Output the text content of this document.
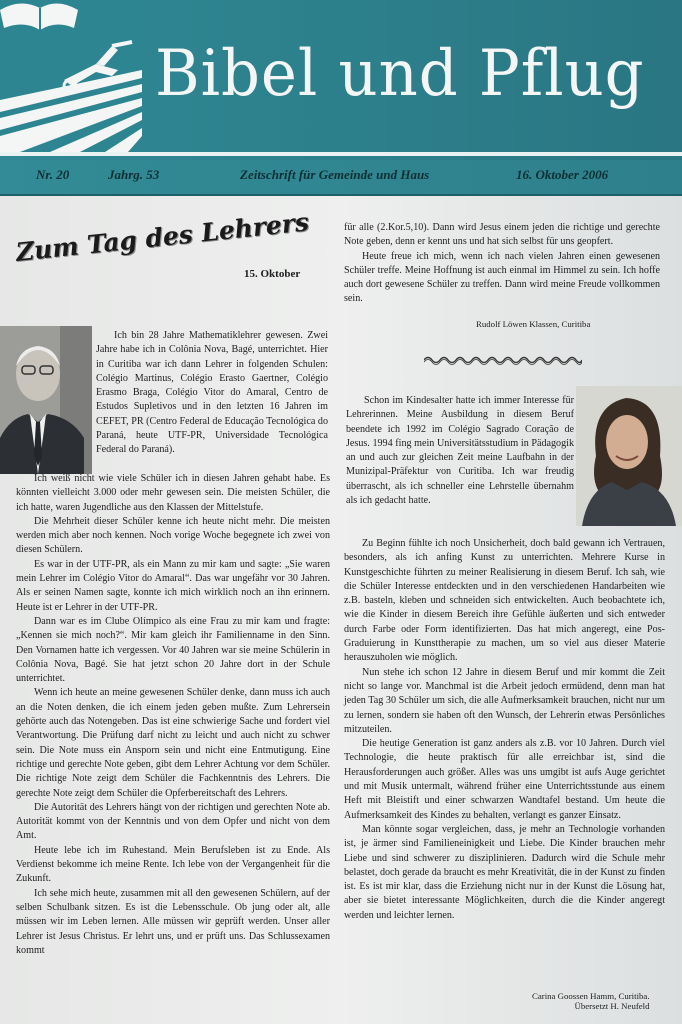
Bibel und Pflug
Nr. 20	Jahrg. 53	Zeitschrift für Gemeinde und Haus	16. Oktober 2006
Zum Tag des Lehrers
15. Oktober

Ich bin 28 Jahre Mathematiklehrer gewesen. Zwei Jahre habe ich in Colônia Nova, Bagé, unterrichtet. Hier in Curitiba war ich dann Lehrer in folgenden Schulen: Colégio Martinus, Colégio Erasto Gaertner, Colégio Erasmo Braga, Colégio Vitor do Amaral, Centro de Estudos Supletivos und in den letzten 16 Jahren im CEFET, PR (Centro Federal de Educação Tecnológica do Paraná, heute UTF-PR, Universidade Tecnológica Federal do Paraná).

Ich weiß nicht wie viele Schüler ich in diesen Jahren gehabt habe. Es könnten vielleicht 3.000 oder mehr gewesen sein. Die meisten Schüler, die ich hatte, waren Jugendliche aus den Klassen der Mittelstufe.

Die Mehrheit dieser Schüler kenne ich heute nicht mehr. Die meisten werden mich aber noch kennen. Noch vorige Woche begegnete ich zwei von diesen Schülern.

Es war in der UTF-PR, als ein Mann zu mir kam und sagte: „Sie waren mein Lehrer im Colégio Vitor do Amaral“. Das war ungefähr vor 30 Jahren. Als er seinen Namen sagte, konnte ich mich wirklich noch an ihn erinnern. Heute ist er Lehrer in der UTF-PR.

Dann war es im Clube Olímpico als eine Frau zu mir kam und fragte: „Kennen sie mich noch?“. Mir kam gleich ihr Familienname in den Sinn. Den Vornamen hatte ich vergessen. Vor 40 Jahren war sie meine Schülerin in Colônia Nova, Bagé. Sie hat jetzt schon 20 Jahre dort in der Schule unterrichtet.

Wenn ich heute an meine gewesenen Schüler denke, dann muss ich auch an die Noten denken, die ich einem jeden geben mußte. Zum Lehrersein gehörte auch das Notengeben. Das ist eine schwierige Sache und fordert viel Verantwortung. Die Prüfung darf nicht zu leicht und auch nicht zu schwer sein. Die Note muss ein Ansporn sein und nicht eine Entmutigung. Eine richtige und gerechte Note geben, gibt dem Lehrer Achtung vor dem Schüler. Die richtige Note zeigt dem Schüler die Fachkenntnis des Lehrers. Die gerechte Note zeigt dem Schüler die Opferbereitschaft des Lehrers.

Die Autorität des Lehrers hängt von der richtigen und gerechten Note ab. Autorität kommt von der Kenntnis und von dem Opfer und nicht von dem Amt.

Heute lebe ich im Ruhestand. Mein Berufsleben ist zu Ende. Als Verdienst bekomme ich meine Rente. Ich lebe von der Vergangenheit für die Zukunft.

Ich sehe mich heute, zusammen mit all den gewesenen Schülern, auf der selben Schulbank sitzen. Es ist die Lebensschule. Ob jung oder alt, alle müssen wir im Leben lernen. Alle müssen wir geprüft werden. Unser aller Lehrer ist Jesus Christus. Er lehrt uns, und er prüft uns. Das Schlussexamen kommt

für alle (2.Kor.5,10). Dann wird Jesus einem jeden die richtige und gerechte Note geben, denn er kennt uns und hat sich selbst für uns geopfert.

Heute freue ich mich, wenn ich nach vielen Jahren einen gewesenen Schüler treffe. Meine Hoffnung ist auch einmal im Himmel zu sein. Ich hoffe auch dort gewesene Schüler zu treffen. Dann wird meine Freude vollkommen sein.

Rudolf Löwen Klassen, Curitiba

Schon im Kindesalter hatte ich immer Interesse für Lehrerinnen. Meine Ausbildung in diesem Beruf beendete ich 1992 im Colégio Sagrado Coração de Jesus. 1994 fing mein Universitätsstudium in Pädagogik an und auch zur gleichen Zeit meine Laufbahn in der Munizipal-Präfektur von Curitiba. Ich war freudig überrascht, als ich schneller eine Lehrstelle übernahm als ich gedacht hatte.

Zu Beginn fühlte ich noch Unsicherheit, doch bald gewann ich Vertrauen, besonders, als ich anfing Kunst zu unterrichten. Mehrere Kurse in Kunstgeschichte führten zu meiner Realisierung in diesem Beruf. Ich sah, wie die Schüler Interesse entdeckten und in den verschiedenen Handarbeiten wie z.B. basteln, kleben und schneiden sich entwickelten. Auch beobachtete ich, wie die Kinder in diesem Bereich ihre Gefühle äußerten und sich entweder durch Farbe oder Form identifizierten. Das hat mich angeregt, eine Pos-Graduierung in Kunsttherapie zu machen, um so viel aus dieser Materie herauszuholen wie möglich.

Nun stehe ich schon 12 Jahre in diesem Beruf und mir kommt die Zeit nicht so lange vor. Manchmal ist die Arbeit jedoch ermüdend, denn man hat jeden Tag 30 Schüler um sich, die alle Aufmerksamkeit brauchen, nicht nur um zu lernen, sondern sie haben oft den Wunsch, der Lehrerin etwas Persönliches mitzuteilen.

Die heutige Generation ist ganz anders als z.B. vor 10 Jahren. Durch viel Technologie, die heute praktisch für alle erreichbar ist, sind die Herausforderungen auch größer. Alles was uns umgibt ist aufs Auge gerichtet und mit Musik untermalt, während früher eine Unterrichtsstunde aus einem Heft mit Bleistift und einer schwarzen Wandtafel bestand. Um heute die Aufmerksamkeit des Kindes zu behalten, verlangt es ganzer Einsatz.

Man könnte sogar vergleichen, dass, je mehr an Technologie vorhanden ist, je ärmer sind Familieneinigkeit und Liebe. Die Kinder brauchen mehr Liebe und sind schwerer zu disziplinieren. Dadurch wird die Schule mehr belastet, doch gerade da braucht es mehr Kreativität, die in der Kunst zu finden ist. Es ist mir klar, dass die Erziehung nicht nur in der Kunst die Lösung hat, aber sie bietet interessante Möglichkeiten, durch die die Kinder angeregt werden und leichter lernen.

Carina Goossen Hamm, Curitiba.
Übersetzt H. Neufeld
